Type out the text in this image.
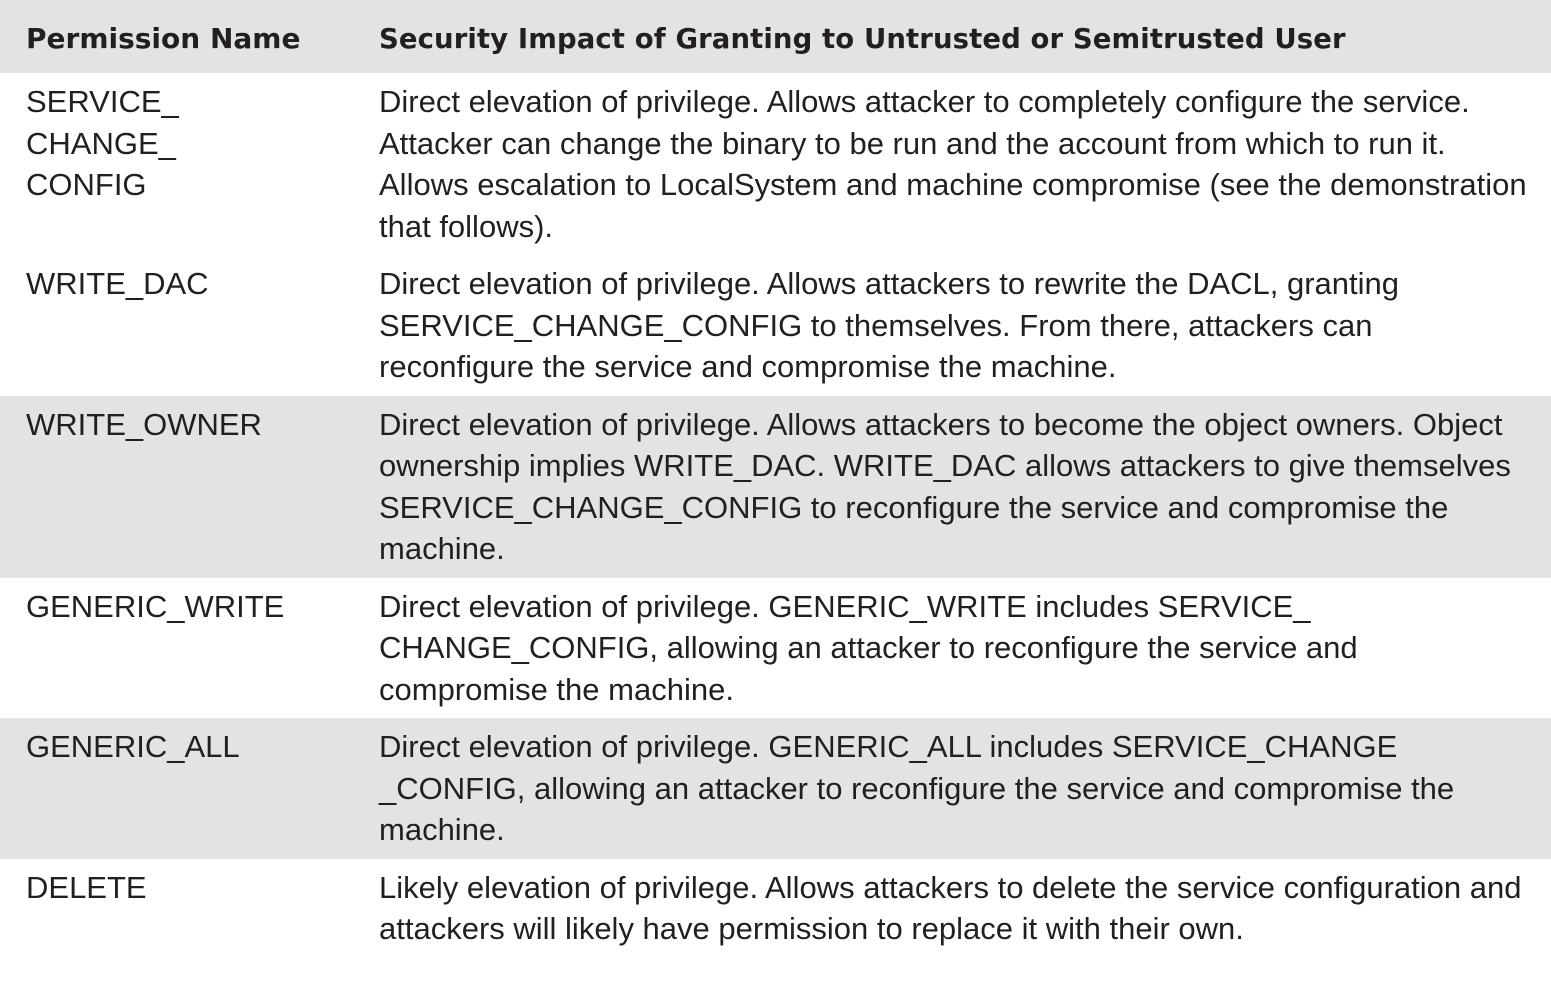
Permission Name	Security Impact of Granting to Untrusted or Semitrusted User
SERVICE_ CHANGE_ CONFIG	Direct elevation of privilege. Allows attacker to completely configure the service. Attacker can change the binary to be run and the account from which to run it. Allows escalation to LocalSystem and machine compromise (see the demonstration that follows).
WRITE_DAC	Direct elevation of privilege. Allows attackers to rewrite the DACL, granting SERVICE_CHANGE_CONFIG to themselves. From there, attackers can reconfigure the service and compromise the machine.
WRITE_OWNER	Direct elevation of privilege. Allows attackers to become the object owners. Object ownership implies WRITE_DAC. WRITE_DAC allows attackers to give themselves SERVICE_CHANGE_CONFIG to reconfigure the service and compromise the machine.
GENERIC_WRITE	Direct elevation of privilege. GENERIC_WRITE includes SERVICE_ CHANGE_CONFIG, allowing an attacker to reconfigure the service and compromise the machine.
GENERIC_ALL	Direct elevation of privilege. GENERIC_ALL includes SERVICE_CHANGE _CONFIG, allowing an attacker to reconfigure the service and compromise the machine.
DELETE	Likely elevation of privilege. Allows attackers to delete the service configuration and attackers will likely have permission to replace it with their own.
